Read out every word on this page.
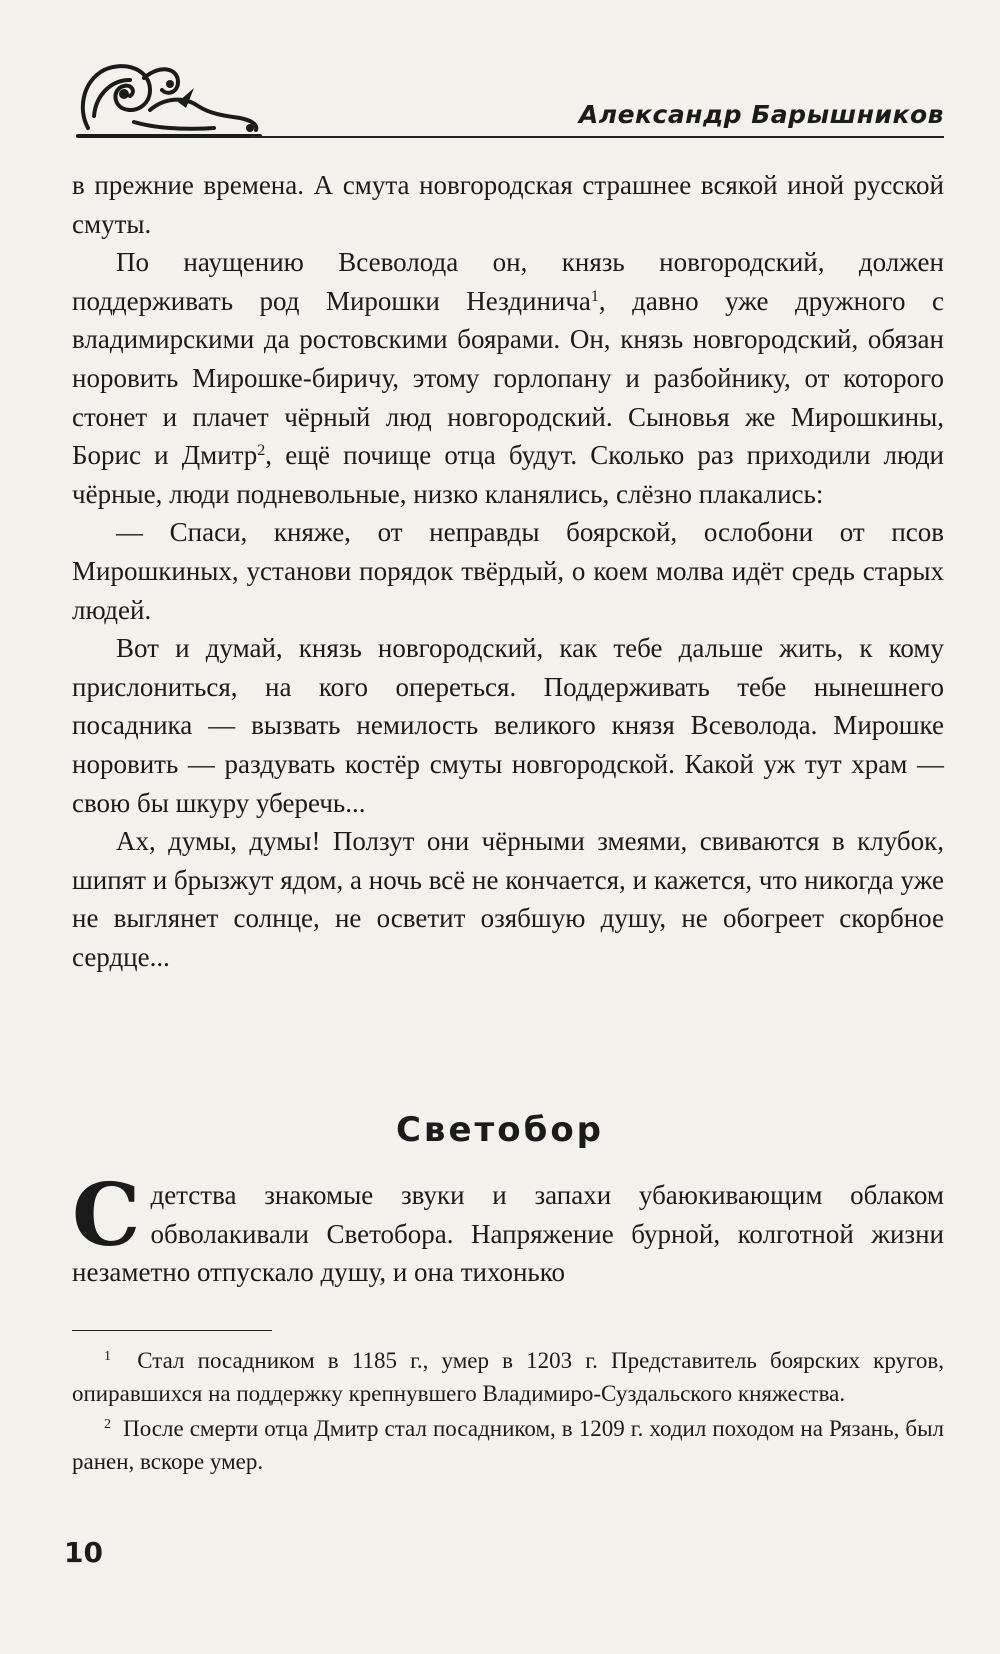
Александр Барышников

в прежние времена. А смута новгородская страшнее всякой иной русской смуты.

По наущению Всеволода он, князь новгородский, должен поддерживать род Мирошки Нездинича$^1$, давно уже дружного с владимирскими да ростовскими боярами. Он, князь новгородский, обязан норовить Мирошке-биричу, этому горлопану и разбойнику, от которого стонет и плачет чёрный люд новгородский. Сыновья же Мирошкины, Борис и Дмитр$^2$, ещё почище отца будут. Сколько раз приходили люди чёрные, люди подневольные, низко кланялись, слёзно плакались:

— Спаси, княже, от неправды боярской, ослобони от псов Мирошкиных, установи порядок твёрдый, о коем молва идёт средь старых людей.

Вот и думай, князь новгородский, как тебе дальше жить, к кому прислониться, на кого опереться. Поддерживать тебе нынешнего посадника — вызвать немилость великого князя Всеволода. Мирошке норовить — раздувать костёр смуты новгородской. Какой уж тут храм — свою бы шкуру уберечь...

Ах, думы, думы! Ползут они чёрными змеями, свиваются в клубок, шипят и брызжут ядом, а ночь всё не кончается, и кажется, что никогда уже не выглянет солнце, не осветит озябшую душу, не обогреет скорбное сердце...

Светобор

Сдетства знакомые звуки и запахи убаюкивающим облаком обволакивали Светобора. Напряжение бурной, колготной жизни незаметно отпускало душу, и она тихонько

$^1$ Стал посадником в 1185 г., умер в 1203 г. Представитель боярских кругов, опиравшихся на поддержку крепнувшего Владимиро-Суздальского княжества.

$^2$ После смерти отца Дмитр стал посадником, в 1209 г. ходил походом на Рязань, был ранен, вскоре умер.

10
